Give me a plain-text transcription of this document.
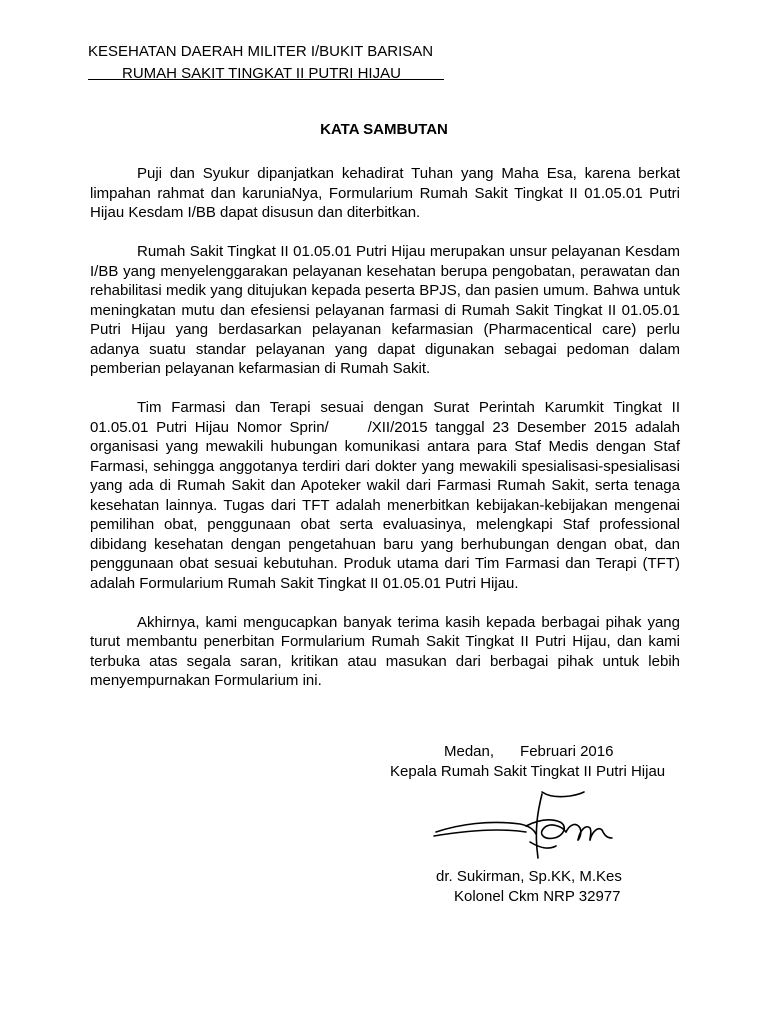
KESEHATAN DAERAH MILITER I/BUKIT BARISAN
RUMAH SAKIT TINGKAT II PUTRI HIJAU
KATA SAMBUTAN

Puji dan Syukur dipanjatkan kehadirat Tuhan yang Maha Esa, karena berkat limpahan rahmat dan karuniaNya, Formularium Rumah Sakit Tingkat II 01.05.01 Putri Hijau Kesdam I/BB dapat disusun dan diterbitkan.

Rumah Sakit Tingkat II 01.05.01 Putri Hijau merupakan unsur pelayanan Kesdam I/BB yang menyelenggarakan pelayanan kesehatan berupa pengobatan, perawatan dan rehabilitasi medik yang ditujukan kepada peserta BPJS, dan pasien umum. Bahwa untuk meningkatan mutu dan efesiensi pelayanan farmasi di Rumah Sakit Tingkat II 01.05.01 Putri Hijau yang berdasarkan pelayanan kefarmasian (Pharmacentical care) perlu adanya suatu standar pelayanan yang dapat digunakan sebagai pedoman dalam pemberian pelayanan kefarmasian di Rumah Sakit.

Tim Farmasi dan Terapi sesuai dengan Surat Perintah Karumkit Tingkat II 01.05.01 Putri Hijau Nomor Sprin/     /XII/2015 tanggal 23 Desember 2015 adalah organisasi yang mewakili hubungan komunikasi antara para Staf Medis dengan Staf Farmasi, sehingga anggotanya terdiri dari dokter yang mewakili spesialisasi-spesialisasi yang ada di Rumah Sakit dan Apoteker wakil dari Farmasi Rumah Sakit, serta tenaga kesehatan lainnya. Tugas dari TFT adalah menerbitkan kebijakan-kebijakan mengenai pemilihan obat, penggunaan obat serta evaluasinya, melengkapi Staf professional dibidang kesehatan dengan pengetahuan baru yang berhubungan dengan obat, dan penggunaan obat sesuai kebutuhan. Produk utama dari Tim Farmasi dan Terapi (TFT) adalah Formularium Rumah Sakit Tingkat II 01.05.01 Putri Hijau.

Akhirnya, kami mengucapkan banyak terima kasih kepada berbagai pihak yang turut membantu penerbitan Formularium Rumah Sakit Tingkat II Putri Hijau, dan kami terbuka atas segala saran, kritikan atau masukan dari berbagai pihak untuk lebih menyempurnakan Formularium ini.

Medan, Februari 2016
Kepala Rumah Sakit Tingkat II Putri Hijau
dr. Sukirman, Sp.KK, M.Kes
Kolonel Ckm NRP 32977
